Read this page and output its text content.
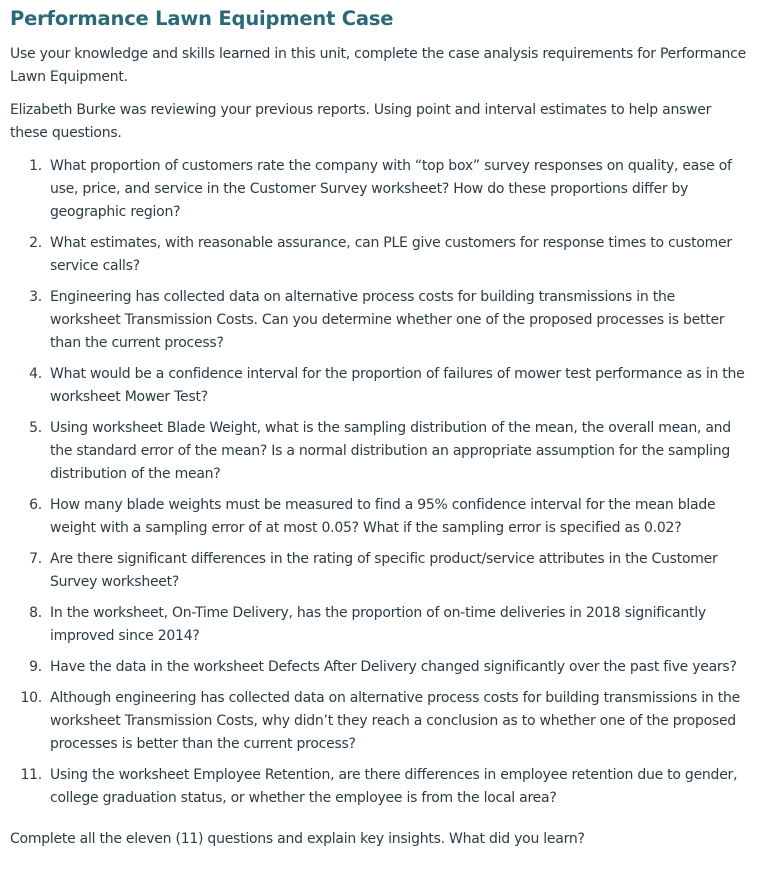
Performance Lawn Equipment Case

Use your knowledge and skills learned in this unit, complete the case analysis requirements for Performance Lawn Equipment.

Elizabeth Burke was reviewing your previous reports. Using point and interval estimates to help answer these questions.

1. What proportion of customers rate the company with “top box” survey responses on quality, ease of use, price, and service in the Customer Survey worksheet? How do these proportions differ by geographic region?
2. What estimates, with reasonable assurance, can PLE give customers for response times to customer service calls?
3. Engineering has collected data on alternative process costs for building transmissions in the worksheet Transmission Costs. Can you determine whether one of the proposed processes is better than the current process?
4. What would be a confidence interval for the proportion of failures of mower test performance as in the worksheet Mower Test?
5. Using worksheet Blade Weight, what is the sampling distribution of the mean, the overall mean, and the standard error of the mean? Is a normal distribution an appropriate assumption for the sampling distribution of the mean?
6. How many blade weights must be measured to find a 95% confidence interval for the mean blade weight with a sampling error of at most 0.05? What if the sampling error is specified as 0.02?
7. Are there significant differences in the rating of specific product/service attributes in the Customer Survey worksheet?
8. In the worksheet, On-Time Delivery, has the proportion of on-time deliveries in 2018 significantly improved since 2014?
9. Have the data in the worksheet Defects After Delivery changed significantly over the past five years?
10. Although engineering has collected data on alternative process costs for building transmissions in the worksheet Transmission Costs, why didn’t they reach a conclusion as to whether one of the proposed processes is better than the current process?
11. Using the worksheet Employee Retention, are there differences in employee retention due to gender, college graduation status, or whether the employee is from the local area?

Complete all the eleven (11) questions and explain key insights. What did you learn?
